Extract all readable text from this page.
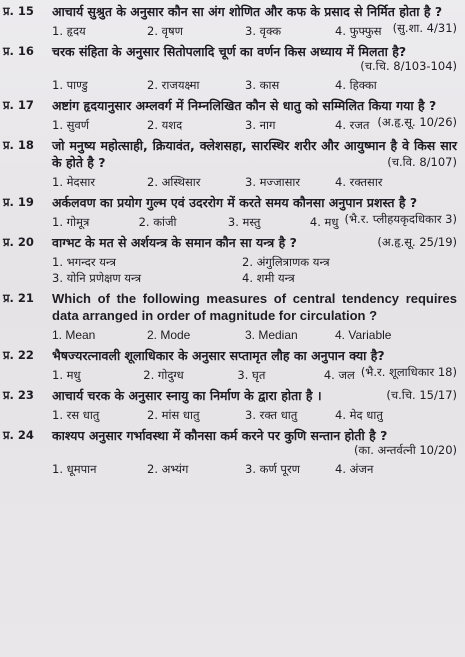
प्र. 15	आचार्य सुश्रुत के अनुसार कौन सा अंग शोणित और कफ के प्रसाद से निर्मित होता है ?
(सु.शा. 4/31)
1. हृदय	2. वृषण	3. वृक्क	4. फुफ्फुस
प्र. 16	चरक संहिता के अनुसार सितोपलादि चूर्ण का वर्णन किस अध्याय में मिलता है?
(च.चि. 8/103-104)
1. पाण्डु	2. राजयक्ष्मा	3. कास	4. हिक्का
प्र. 17	अष्टांग हृदयानुसार अम्लवर्ग में निम्नलिखित कौन से धातु को सम्मिलित किया गया है ?
(अ.हृ.सू. 10/26)
1. सुवर्ण	2. यशद	3. नाग	4. रजत
प्र. 18	जो मनुष्य महोत्साही, क्रियावंत, क्लेशसहा, सारस्थिर शरीर और आयुष्मान है वे किस सार के होते है ?	(च.वि. 8/107)
1. मेदसार	2. अस्थिसार	3. मज्जासार	4. रक्तसार
प्र. 19	अर्कलवण का प्रयोग गुल्म एवं उदररोग में करते समय कौनसा अनुपान प्रशस्त है ?
(भै.र. प्लीहयकृदधिकार 3)
1. गोमूत्र	2. कांजी	3. मस्तु	4. मधु
प्र. 20	वाग्भट के मत से अर्शयन्त्र के समान कौन सा यन्त्र है ?	(अ.हृ.सू. 25/19)
1. भगन्दर यन्त्र	2. अंगुलित्राणक यन्त्र
3. योनि प्रणेक्षण यन्त्र	4. शमी यन्त्र
प्र. 21	Which of the following measures of central tendency requires data arranged in order of magnitude for circulation ?
1. Mean	2. Mode	3. Median	4. Variable
प्र. 22	भैषज्यरत्नावली शूलाधिकार के अनुसार सप्तामृत लौह का अनुपान क्या है?
(भै.र. शूलाधिकार 18)
1. मधु	2. गोदुग्ध	3. घृत	4. जल
प्र. 23	आचार्य चरक के अनुसार स्नायु का निर्माण के द्वारा होता है ।	(च.चि. 15/17)
1. रस धातु	2. मांस धातु	3. रक्त धातु	4. मेद धातु
प्र. 24	काश्यप अनुसार गर्भावस्था में कौनसा कर्म करने पर कुणि सन्तान होती है ?
(का. अन्तर्वत्नी 10/20)
1. धूमपान	2. अभ्यंग	3. कर्ण पूरण	4. अंजन
